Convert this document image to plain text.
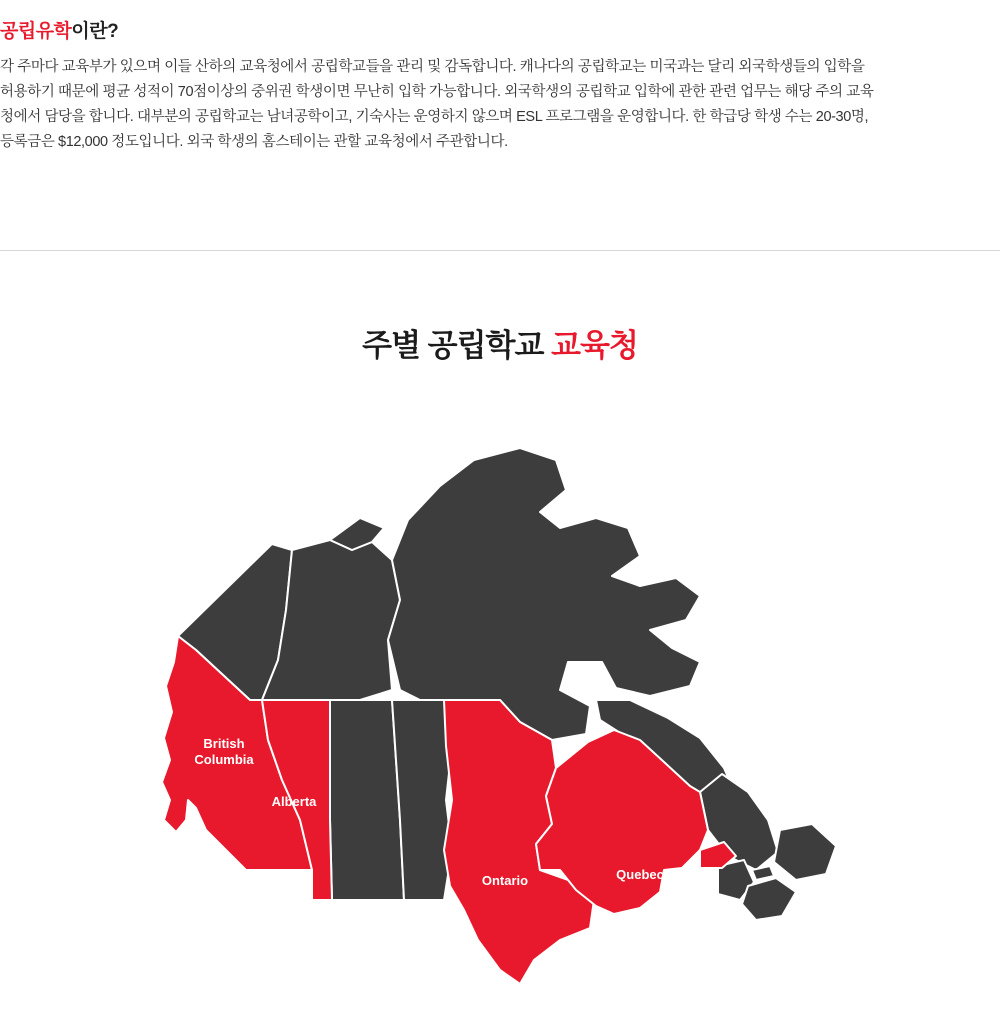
공립유학이란?

각 주마다 교육부가 있으며 이들 산하의 교육청에서 공립학교들을 관리 및 감독합니다. 캐나다의 공립학교는 미국과는 달리 외국학생들의 입학을 허용하기 때문에 평균 성적이 70점이상의 중위권 학생이면 무난히 입학 가능합니다. 외국학생의 공립학교 입학에 관한 관련 업무는 해당 주의 교육청에서 담당을 합니다. 대부분의 공립학교는 남녀공학이고, 기숙사는 운영하지 않으며 ESL 프로그램을 운영합니다. 한 학급당 학생 수는 20-30명, 등록금은 $12,000 정도입니다. 외국 학생의 홈스테이는 관할 교육청에서 주관합니다.

주별 공립학교 교육청
British
Columbia
Alberta
Ontario	Quebec
